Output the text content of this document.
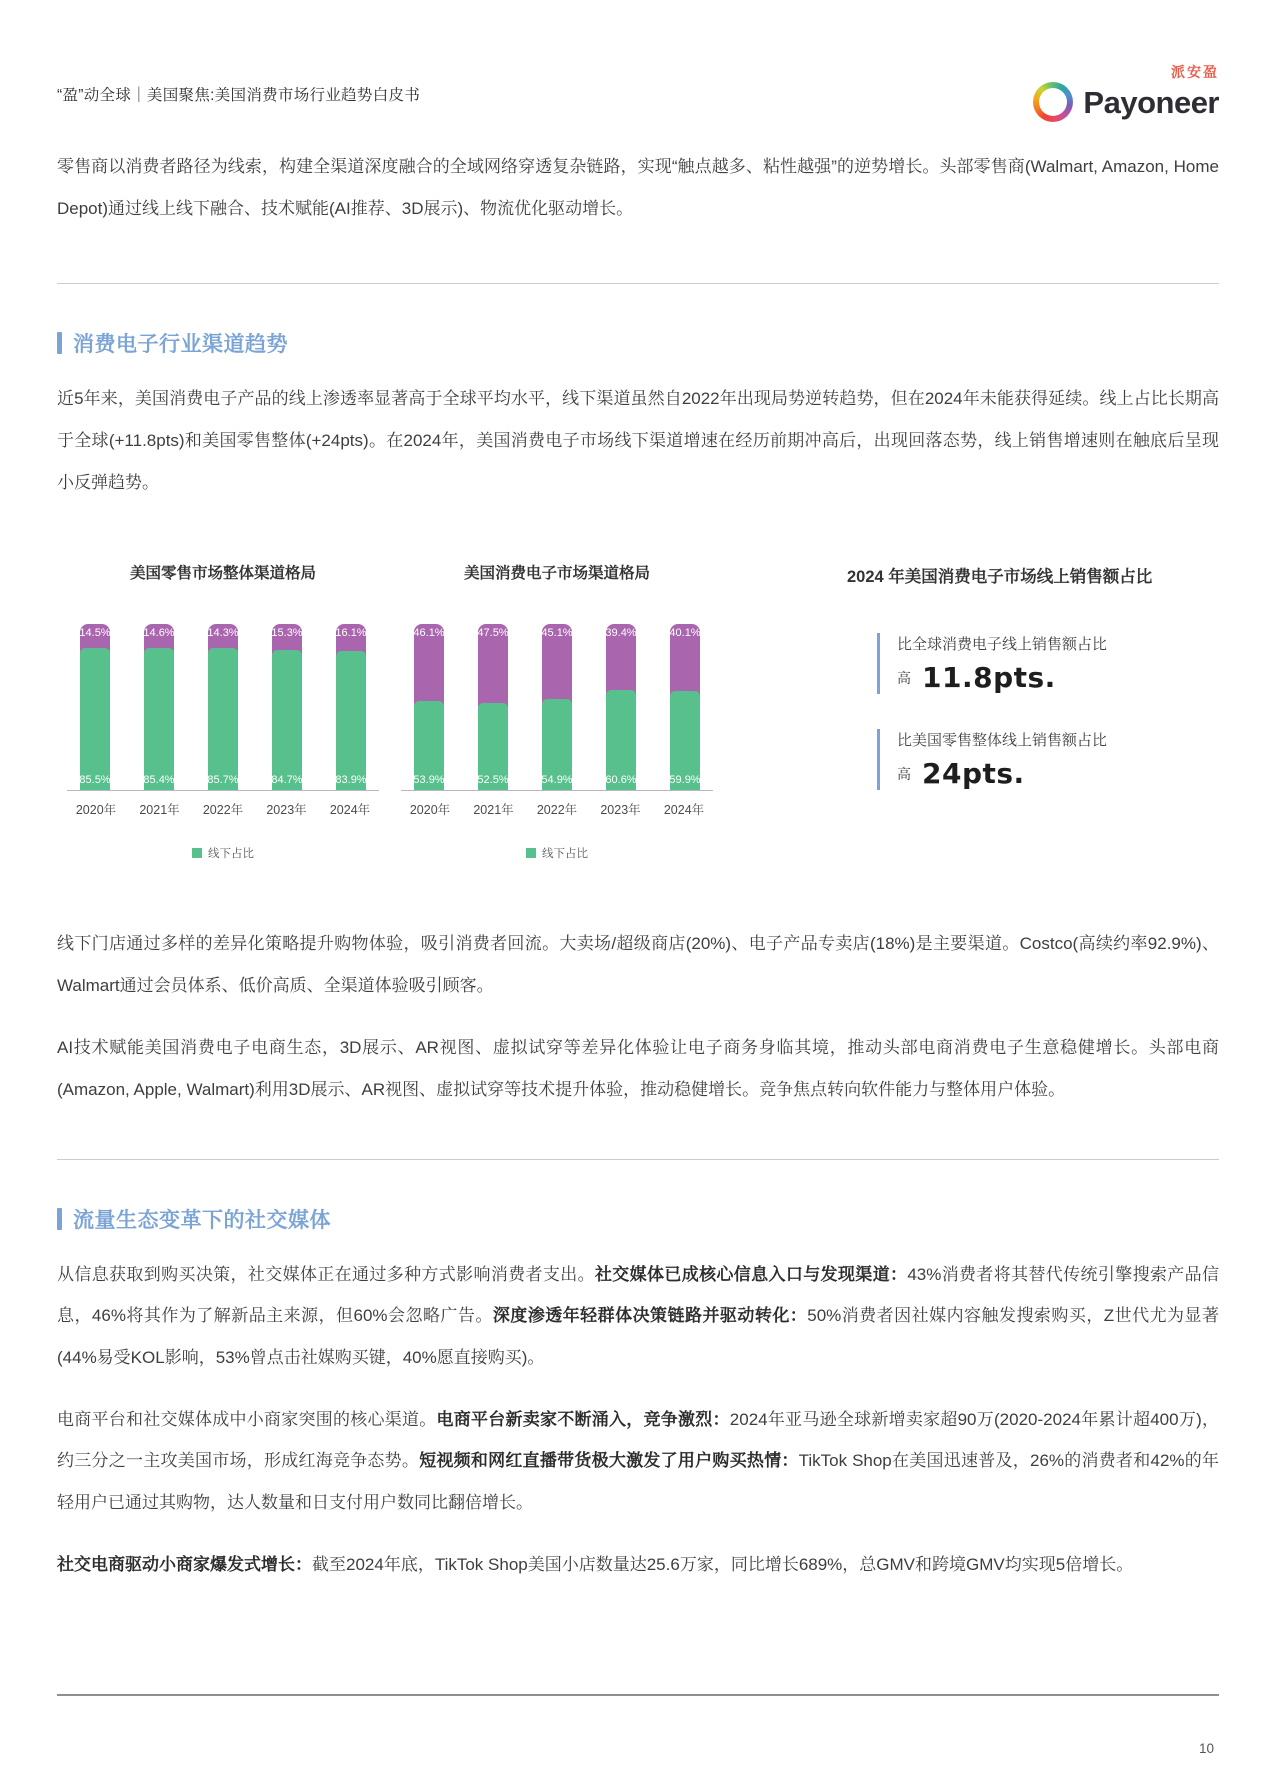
“盈”动全球｜美国聚焦:美国消费市场行业趋势白皮书	Payoneer
派安盈

零售商以消费者路径为线索，构建全渠道深度融合的全域网络穿透复杂链路，实现“触点越多、粘性越强”的逆势增长。头部零售商(Walmart, Amazon, Home Depot)通过线上线下融合、技术赋能(AI推荐、3D展示)、物流优化驱动增长。

消费电子行业渠道趋势

近5年来，美国消费电子产品的线上渗透率显著高于全球平均水平，线下渠道虽然自2022年出现局势逆转趋势，但在2024年未能获得延续。线上占比长期高于全球(+11.8pts)和美国零售整体(+24pts)。在2024年，美国消费电子市场线下渠道增速在经历前期冲高后，出现回落态势，线上销售增速则在触底后呈现小反弹趋势。

美国零售市场整体渠道格局
14.5%
85.5%
14.6%
85.4%
14.3%
85.7%
15.3%
84.7%
16.1%
83.9%
2020年	2021年	2022年	2023年	2024年
线下占比
美国消费电子市场渠道格局
46.1%
53.9%
47.5%
52.5%
45.1%
54.9%
39.4%
60.6%
40.1%
59.9%
2020年	2021年	2022年	2023年	2024年
线下占比
2024 年美国消费电子市场线上销售额占比
比全球消费电子线上销售额占比
高 11.8pts.
比美国零售整体线上销售额占比
高 24pts.

线下门店通过多样的差异化策略提升购物体验，吸引消费者回流。大卖场/超级商店(20%)、电子产品专卖店(18%)是主要渠道。Costco(高续约率92.9%)、Walmart通过会员体系、低价高质、全渠道体验吸引顾客。

AI技术赋能美国消费电子电商生态，3D展示、AR视图、虚拟试穿等差异化体验让电子商务身临其境，推动头部电商消费电子生意稳健增长。头部电商(Amazon, Apple, Walmart)利用3D展示、AR视图、虚拟试穿等技术提升体验，推动稳健增长。竞争焦点转向软件能力与整体用户体验。

流量生态变革下的社交媒体

从信息获取到购买决策，社交媒体正在通过多种方式影响消费者支出。社交媒体已成核心信息入口与发现渠道：43%消费者将其替代传统引擎搜索产品信息，46%将其作为了解新品主来源，但60%会忽略广告。深度渗透年轻群体决策链路并驱动转化：50%消费者因社媒内容触发搜索购买，Z世代尤为显著(44%易受KOL影响，53%曾点击社媒购买键，40%愿直接购买)。

电商平台和社交媒体成中小商家突围的核心渠道。电商平台新卖家不断涌入，竞争激烈：2024年亚马逊全球新增卖家超90万(2020-2024年累计超400万)，约三分之一主攻美国市场，形成红海竞争态势。短视频和网红直播带货极大激发了用户购买热情：TikTok Shop在美国迅速普及，26%的消费者和42%的年轻用户已通过其购物，达人数量和日支付用户数同比翻倍增长。

社交电商驱动小商家爆发式增长：截至2024年底，TikTok Shop美国小店数量达25.6万家，同比增长689%，总GMV和跨境GMV均实现5倍增长。

10
